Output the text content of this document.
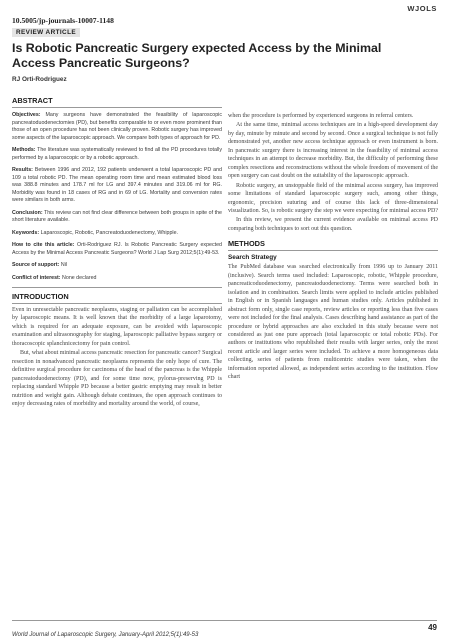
WJOLS
10.5005/jp-journals-10007-1148
REVIEW ARTICLE
Is Robotic Pancreatic Surgery expected Access by the Minimal Access Pancreatic Surgeons?
RJ Orti-Rodriguez
ABSTRACT

Objectives: Many surgeons have demonstrated the feasibility of laparoscopic pancreatoduodenectomies (PD), but benefits comparable to or even more prominent than those of an open procedure has not been clinically proven. Robotic surgery has improved some aspects of the laparoscopic approach. We compare both types of approach for PD.

Methods: The literature was systematically reviewed to find all the PD procedures totally performed by a laparoscopic or by a robotic approach.

Results: Between 1996 and 2012, 192 patients underwent a total laparoscopic PD and 109 a total robotic PD. The mean operating room time and mean estimated blood loss was 388.8 minutes and 178.7 ml for LG and 397.4 minutes and 319.06 ml for RG. Morbidity was found in 18 cases of RG and in 69 of LG. Mortality and conversion rates were similars in both arms.

Conclusion: This review can not find clear difference between both groups in spite of the short literature available.

Keywords: Laparoscopic, Robotic, Pancreatoduodenectomy, Whipple.

How to cite this article: Orti-Rodriguez RJ. Is Robotic Pancreatic Surgery expected Access by the Minimal Access Pancreatic Surgeons? World J Lap Surg 2012;5(1):49-53.

Source of support: Nil

Conflict of interest: None declared

INTRODUCTION

Even in unresectable pancreatic neoplasms, staging or palliation can be accomplished by laparoscopic means. It is well known that the morbidity of a large laparotomy, which is required for an adequate exposure, can be avoided with laparoscopic examination and ultrasonography for staging, laparoscopic palliative bypass surgery or thoracoscopic splanchnicectomy for pain control.

But, what about minimal access pancreatic resection for pancreatic cancer? Surgical resection in nonadvanced pancreatic neoplasms represents the only hope of cure. The definitive surgical procedure for carcinoma of the head of the pancreas is the Whipple pancreatoduodenectomy (PD), and for some time now, pylorus-preserving PD is replacing standard Whipple PD because a better gastric emptying may result in better nutrition and weight gain. Although debate continues, the open approach continues to enjoy decreasing rates of morbidity and mortality around the world, of course,

when the procedure is performed by experienced surgeons in referral centers.

At the same time, minimal access techniques are in a high-speed development day by day, minute by minute and second by second. Once a surgical technique is not fully demonstrated yet, another new access technique approach or even instrument is born. In pancreatic surgery there is increasing interest in the feasibility of minimal access techniques in an attempt to decrease morbidity. But, the difficulty of performing these complex resections and reconstructions without the whole freedom of movement of the open surgery can cast doubt on the suitability of the laparoscopic approach.

Robotic surgery, an unstoppable field of the minimal access surgery, has improved some limitations of standard laparoscopic surgery such, among other things, ergonomic, precision suturing and of course this lack of three-dimensional visualization. So, is robotic surgery the step we were expecting for minimal access PD?

In this review, we present the current evidence available on minimal access PD comparing both techniques to sort out this question.

METHODS
Search Strategy

The PubMed database was searched electronically from 1996 up to January 2011 (inclusive). Search terms used included: Laparoscopic, robotic, Whipple procedure, pancreaticoduodenectomy, pancreatoduodenectomy. Terms were searched both in isolation and in combination. Search limits were applied to include articles published in English or in Spanish languages and human studies only. Articles published in abstract form only, single case reports, review articles or reporting less than five cases were not included for the final analysis. Cases describing hand assistance as part of the procedure or hybrid approaches are also excluded in this study because were not considered as just one pure approach (total laparoscopic or total robotic PDs). For authors or institutions who republished their results with larger series, only the most recent article and larger series were included. To achieve a more homogeneous data collecting, series of patients from multicentric studies were taken, when the information reported allowed, as independent series according to the institution. Flow chart

World Journal of Laparoscopic Surgery, January-April 2012;5(1):49-53
49
